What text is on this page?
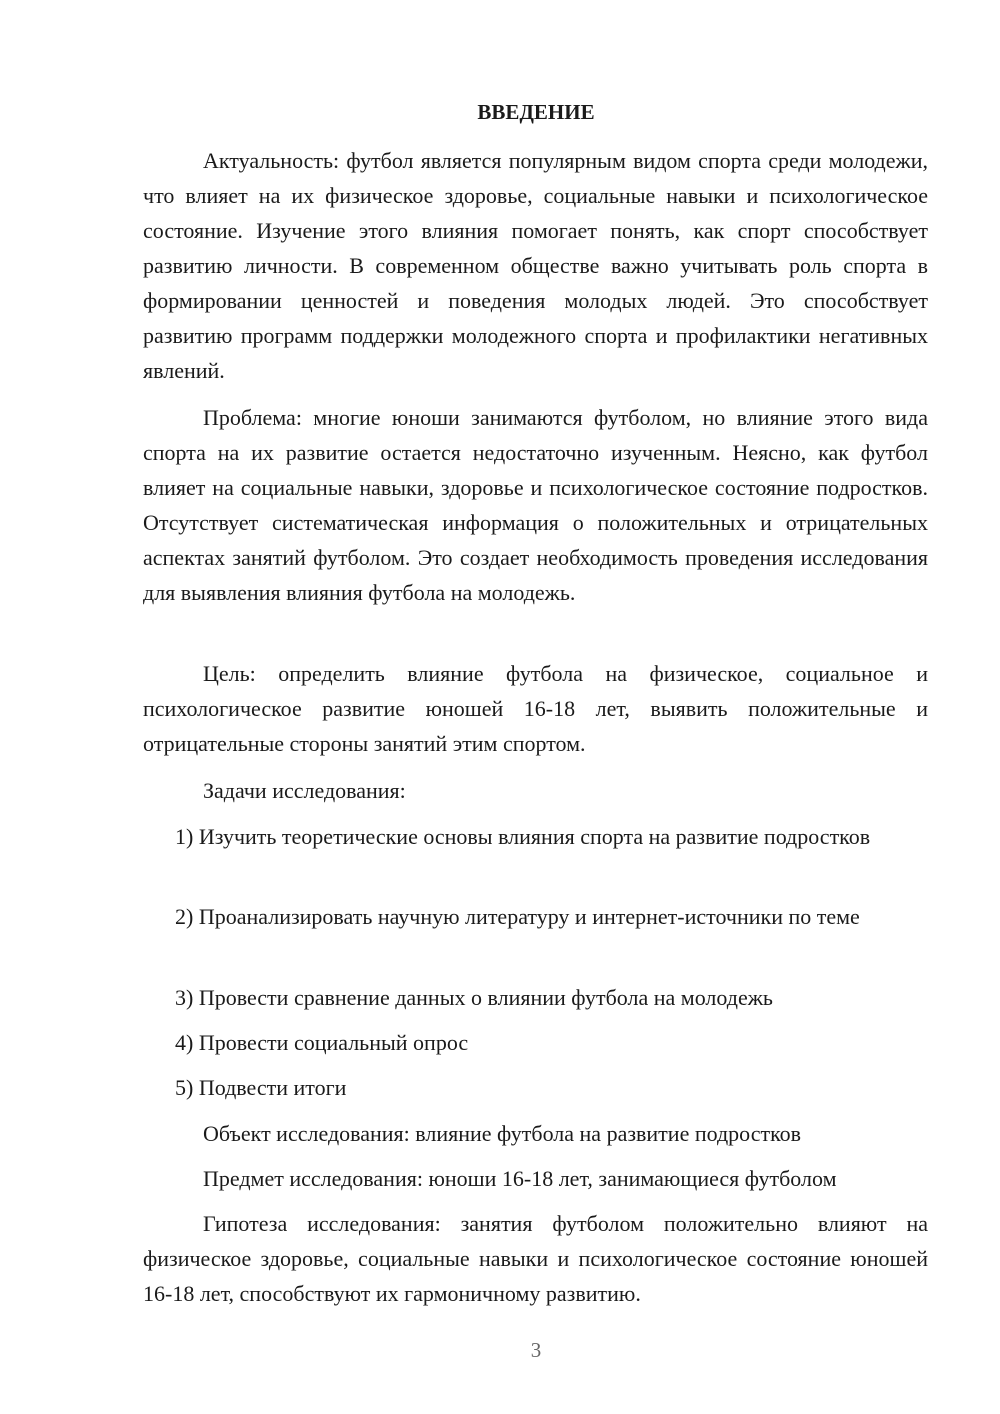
ВВЕДЕНИЕ

Актуальность: футбол является популярным видом спорта среди молодежи, что влияет на их физическое здоровье, социальные навыки и психологическое состояние. Изучение этого влияния помогает понять, как спорт способствует развитию личности. В современном обществе важно учитывать роль спорта в формировании ценностей и поведения молодых людей. Это способствует развитию программ поддержки молодежного спорта и профилактики негативных явлений.

Проблема: многие юноши занимаются футболом, но влияние этого вида спорта на их развитие остается недостаточно изученным. Неясно, как футбол влияет на социальные навыки, здоровье и психологическое состояние подростков. Отсутствует систематическая информация о положительных и отрицательных аспектах занятий футболом. Это создает необходимость проведения исследования для выявления влияния футбола на молодежь.

Цель: определить влияние футбола на физическое, социальное и психологическое развитие юношей 16-18 лет, выявить положительные и отрицательные стороны занятий этим спортом.

Задачи исследования:

1) Изучить теоретические основы влияния спорта на развитие подростков

2) Проанализировать научную литературу и интернет-источники по теме

3) Провести сравнение данных о влиянии футбола на молодежь

4) Провести социальный опрос

5) Подвести итоги

Объект исследования: влияние футбола на развитие подростков

Предмет исследования: юноши 16-18 лет, занимающиеся футболом

Гипотеза исследования: занятия футболом положительно влияют на физическое здоровье, социальные навыки и психологическое состояние юношей 16-18 лет, способствуют их гармоничному развитию.

3
